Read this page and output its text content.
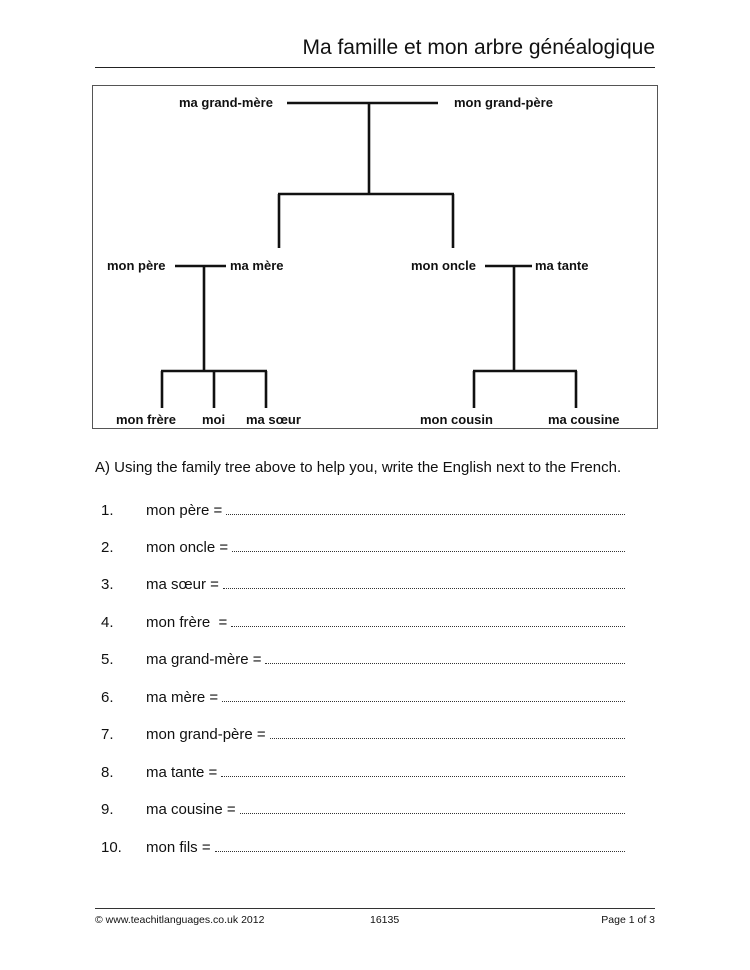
Ma famille et mon arbre généalogique
ma grand-mère	mon grand-père
mon père	ma mère	mon oncle	ma tante
mon frère moi ma sœur	mon cousin	ma cousine
A) Using the family tree above to help you, write the English next to the French.
1. mon père =
2. mon oncle =
3. ma sœur =
4. mon frère  =
5. ma grand-mère =
6. ma mère =
7. mon grand-père =
8. ma tante =
9. ma cousine =
10. mon fils =
© www.teachitlanguages.co.uk 2012	16135	Page 1 of 3
